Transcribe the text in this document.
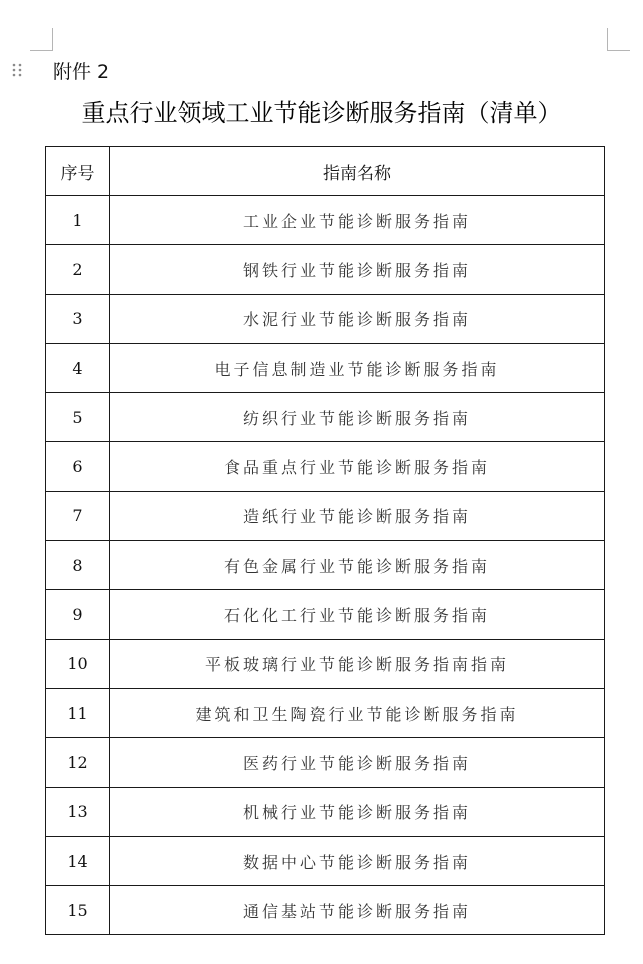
附件 2
重点行业领域工业节能诊断服务指南（清单）
序号	指南名称
1	工业企业节能诊断服务指南
2	钢铁行业节能诊断服务指南
3	水泥行业节能诊断服务指南
4	电子信息制造业节能诊断服务指南
5	纺织行业节能诊断服务指南
6	食品重点行业节能诊断服务指南
7	造纸行业节能诊断服务指南
8	有色金属行业节能诊断服务指南
9	石化化工行业节能诊断服务指南
10	平板玻璃行业节能诊断服务指南指南
11	建筑和卫生陶瓷行业节能诊断服务指南
12	医药行业节能诊断服务指南
13	机械行业节能诊断服务指南
14	数据中心节能诊断服务指南
15	通信基站节能诊断服务指南
